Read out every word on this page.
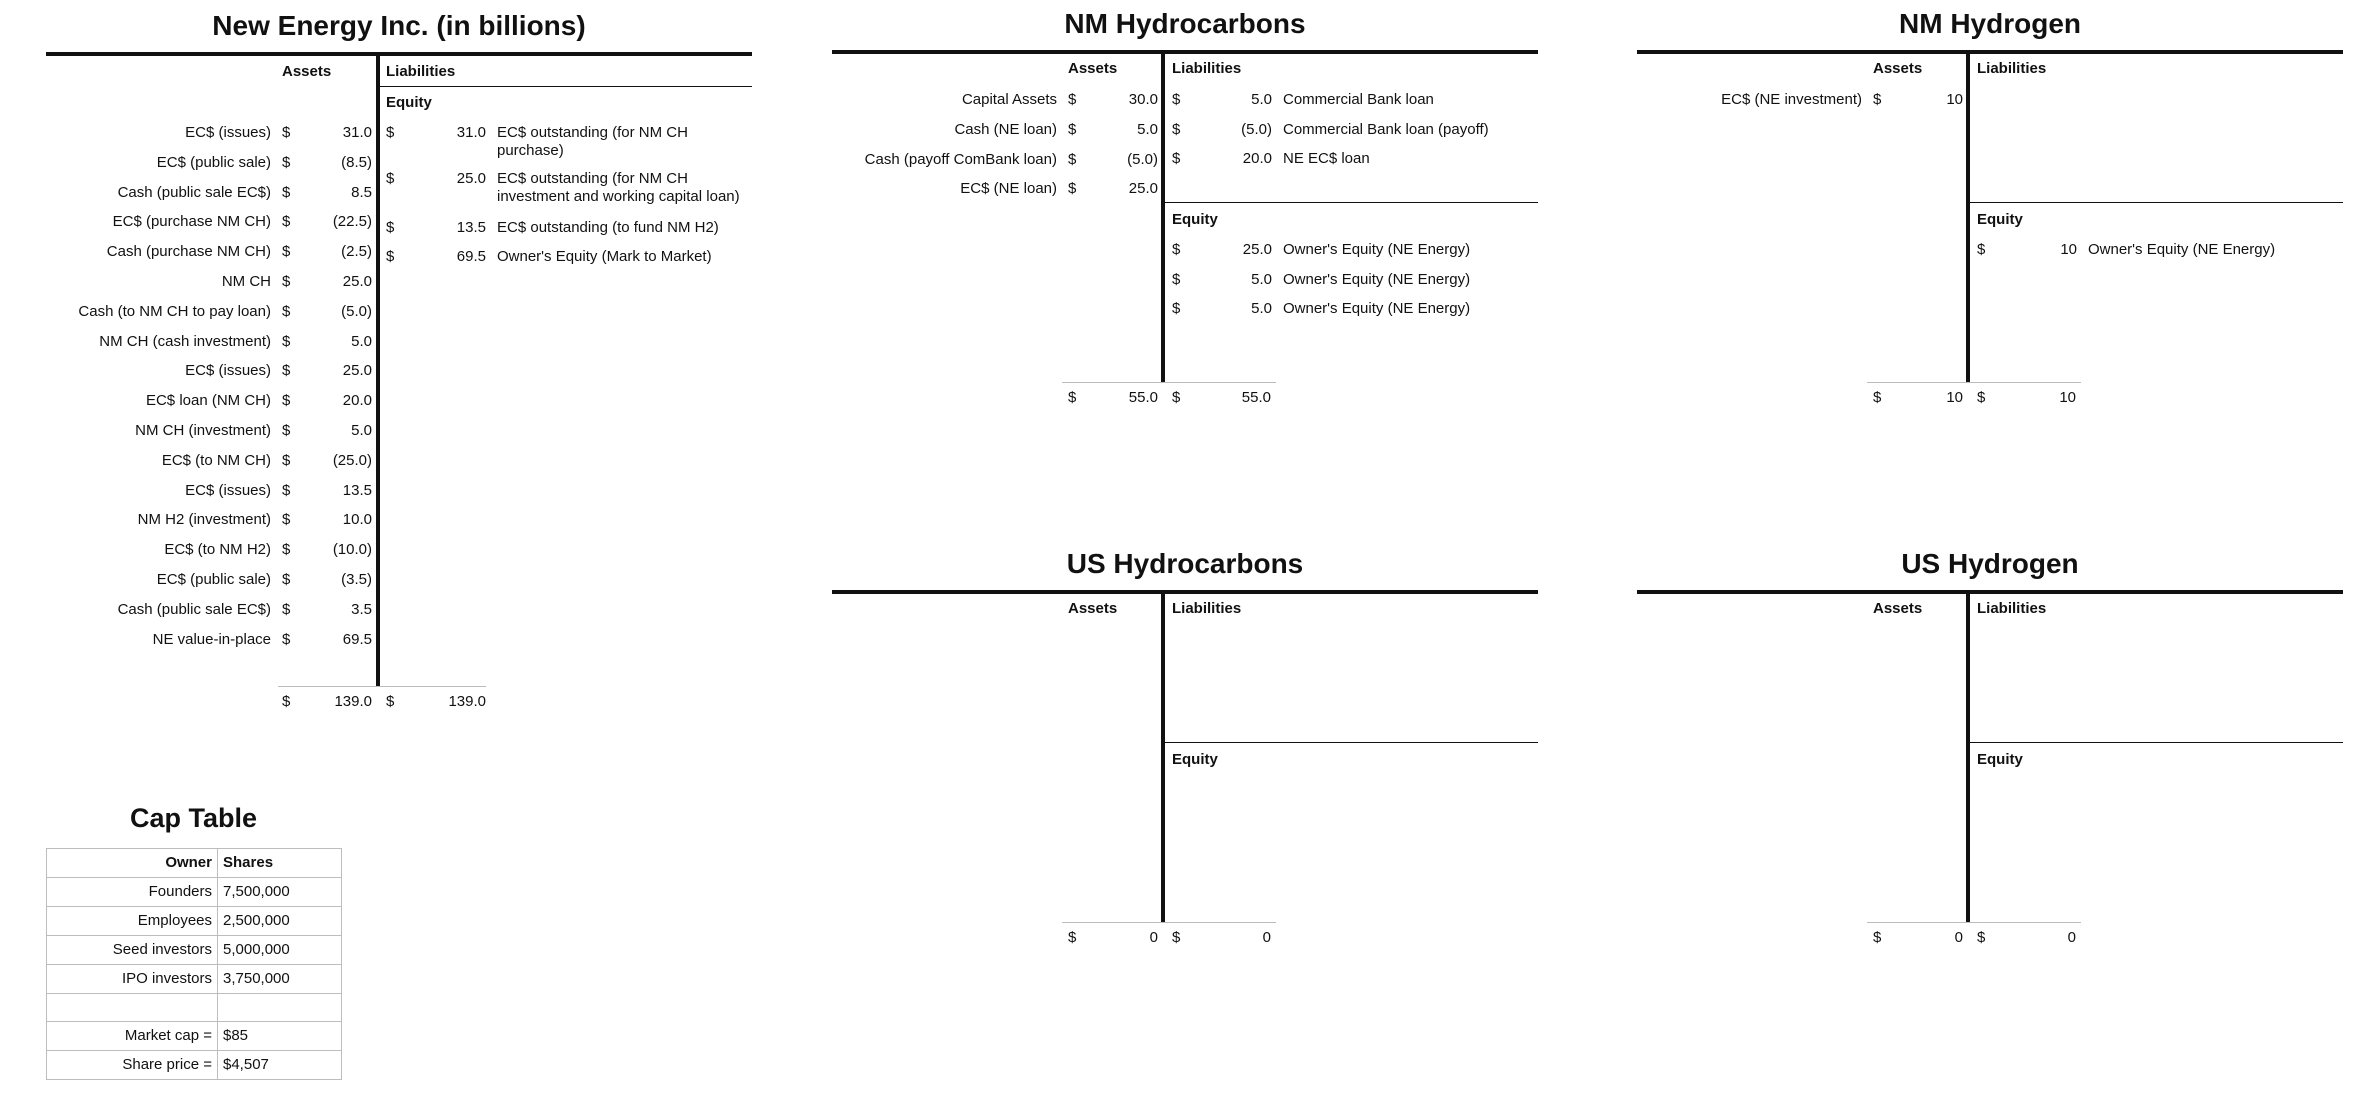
New Energy Inc. (in billions)
Assets	Liabilities
Equity
EC$ (issues) $	31.0
EC$ (public sale) $	(8.5)
Cash (public sale EC$) $	8.5
EC$ (purchase NM CH) $	(22.5)
Cash (purchase NM CH) $	(2.5)
NM CH $	25.0
Cash (to NM CH to pay loan) $	(5.0)
NM CH (cash investment) $	5.0
EC$ (issues) $	25.0
EC$ loan (NM CH) $	20.0
NM CH (investment) $	5.0
EC$ (to NM CH) $	(25.0)
EC$ (issues) $	13.5
NM H2 (investment) $	10.0
EC$ (to NM H2) $	(10.0)
EC$ (public sale) $	(3.5)
Cash (public sale EC$) $	3.5
NE value-in-place $	69.5
$	31.0 EC$ outstanding (for NM CH purchase)
$	25.0 EC$ outstanding (for NM CH investment and working capital loan)
$	13.5 EC$ outstanding (to fund NM H2)
$	69.5 Owner's Equity (Mark to Market)
$	139.0 $	139.0
NM Hydrocarbons
Assets	Liabilities
Equity
Capital Assets $	30.0
Cash (NE loan) $	5.0
Cash (payoff ComBank loan) $	(5.0)
EC$ (NE loan) $	25.0
$	5.0 Commercial Bank loan
$	(5.0) Commercial Bank loan (payoff)
$	20.0 NE EC$ loan
$	25.0 Owner's Equity (NE Energy)
$	5.0 Owner's Equity (NE Energy)
$	5.0 Owner's Equity (NE Energy)
$	55.0 $	55.0
NM Hydrogen
Assets	Liabilities
Equity
EC$ (NE investment) $	10
$	10 Owner's Equity (NE Energy)
$	10 $	10
US Hydrocarbons
Assets	Liabilities
Equity
$	0 $	0
US Hydrogen
Assets	Liabilities
Equity
$	0 $	0
Cap Table
Owner	Shares
Founders	7,500,000
Employees	2,500,000
Seed investors	5,000,000
IPO investors	3,750,000

Market cap =	$85
Share price =	$4,507
